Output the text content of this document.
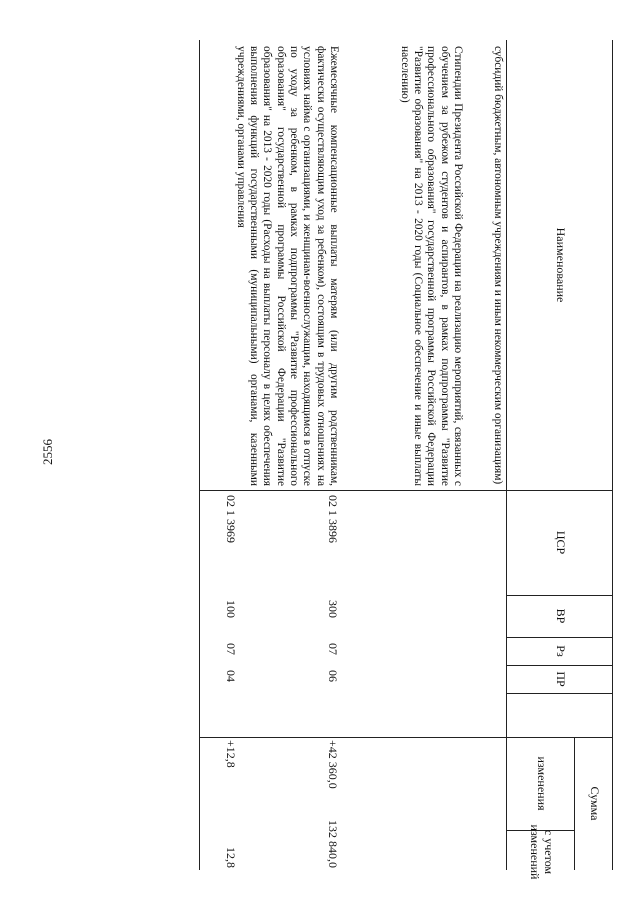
2556
Наименование
ЦСР
ВР
Рз
ПР
Сумма
изменения
с учетом изменений
субсидий бюджетным, автономным учреждениям и иным некоммерческим организациям)
Стипендии Президента Российской Федерации на реализацию мероприятий, связанных с обучением за рубежом студентов и аспирантов, в рамках подпрограммы "Развитие профессионального образования" государственной программы Российской Федерации "Развитие образования" на 2013 - 2020 годы (Социальное обеспечение и иные выплаты населению)
02 1 3896
300
07
06
+42 360,0
132 840,0
Ежемесячные компенсационные выплаты матерям (или другим родственникам, фактически осуществляющим уход за ребенком), состоящим в трудовых отношениях на условиях найма с организациями, и женщинам-военнослужащим, находящимся в отпуске по уходу за ребенком, в рамках подпрограммы "Развитие профессионального образования" государственной программы Российской Федерации "Развитие образования" на 2013 - 2020 годы (Расходы на выплаты персоналу в целях обеспечения выполнения функций государственными (муниципальными) органами, казенными учреждениями, органами управления
02 1 3969
100
07
04
+12,8
12,8
